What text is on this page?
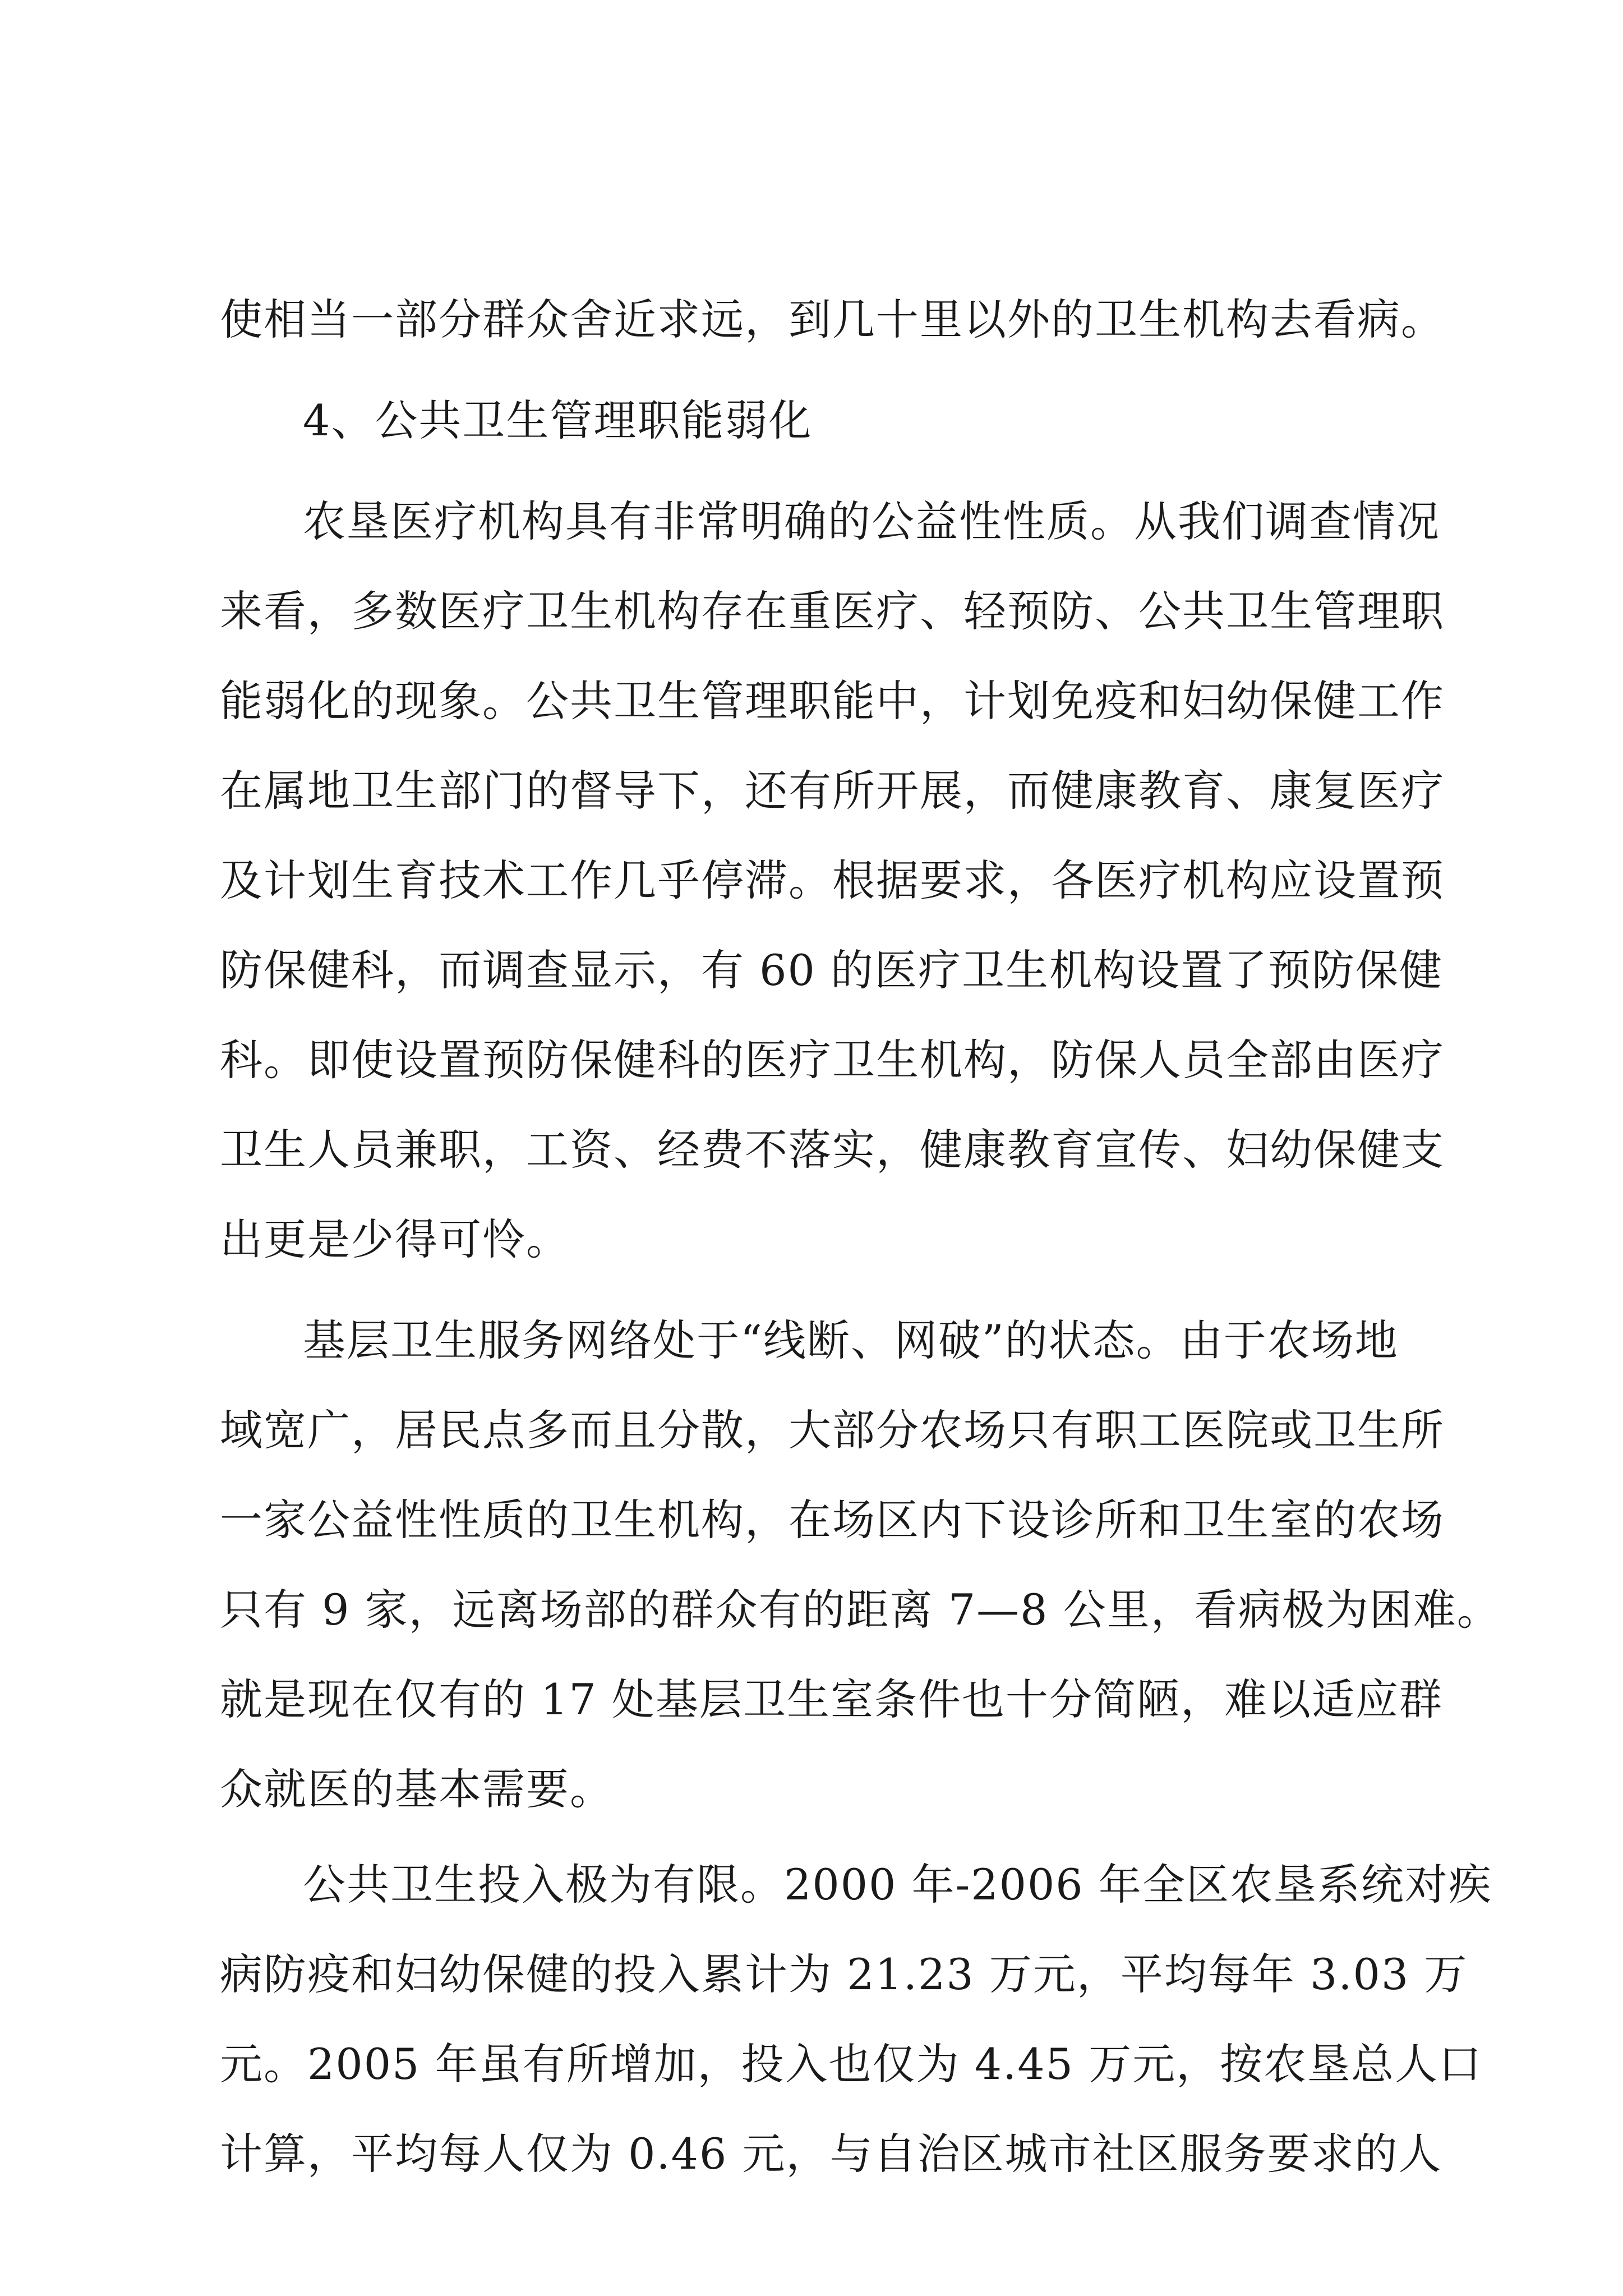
使相当一部分群众舍近求远，到几十里以外的卫生机构去看病。
4、公共卫生管理职能弱化
农垦医疗机构具有非常明确的公益性性质。从我们调查情况
来看，多数医疗卫生机构存在重医疗、轻预防、公共卫生管理职
能弱化的现象。公共卫生管理职能中，计划免疫和妇幼保健工作
在属地卫生部门的督导下，还有所开展，而健康教育、康复医疗
及计划生育技术工作几乎停滞。根据要求，各医疗机构应设置预
防保健科，而调查显示，有 60 的医疗卫生机构设置了预防保健
科。即使设置预防保健科的医疗卫生机构，防保人员全部由医疗
卫生人员兼职，工资、经费不落实，健康教育宣传、妇幼保健支
出更是少得可怜。
基层卫生服务网络处于“线断、网破”的状态。由于农场地
域宽广，居民点多而且分散，大部分农场只有职工医院或卫生所
一家公益性性质的卫生机构，在场区内下设诊所和卫生室的农场
只有 9 家，远离场部的群众有的距离 7—8 公里，看病极为困难。
就是现在仅有的 17 处基层卫生室条件也十分简陋，难以适应群
众就医的基本需要。
公共卫生投入极为有限。2000 年-2006 年全区农垦系统对疾
病防疫和妇幼保健的投入累计为 21.23 万元，平均每年 3.03 万
元。2005 年虽有所增加，投入也仅为 4.45 万元，按农垦总人口
计算，平均每人仅为 0.46 元，与自治区城市社区服务要求的人
